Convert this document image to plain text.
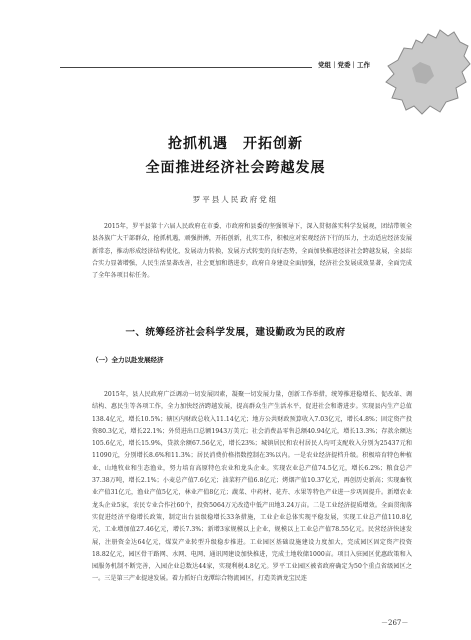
党组｜党委｜工作
抢抓机遇　开拓创新
全面推进经济社会跨越发展
罗平县人民政府党组

2015年，罗平县第十六届人民政府在市委、市政府和县委的坚强领导下，深入贯彻落实科学发展观，团结带领全县各族广大干部群众，抢抓机遇，顽强拼搏，开拓创新，扎实工作，积极应对宏观经济下行的压力，主动适应经济发展新常态，推动形成经济结构优化，发展动力转换，发展方式转变的良好态势，全面加快推进经济社会跨越发展，全县综合实力显著增强，人民生活显著改善，社会更加和谐进步，政府自身建设全面加强，经济社会发展成效显著，全面完成了全年各项目标任务。

一、统筹经济社会科学发展，建设勤政为民的政府
（一）全力以赴发展经济

2015年，县人民政府广泛调动一切发展因素，凝聚一切发展力量，创新工作举措，统筹推进稳增长、促改革、调结构、惠民生等各项工作，全力加快经济跨越发展，提高群众生产生活水平，促进社会和谐进步。实现县内生产总值138.4亿元，增长10.5%；辖区内财政总收入11.14亿元；地方公共财政预算收入7.03亿元，增长4.8%；固定资产投资80.3亿元，增长22.1%；外贸进出口总额1943万美元；社会消费品零售总额40.94亿元，增长13.3%；存款余额达105.6亿元，增长15.9%，贷款余额67.56亿元，增长23%；城镇居民和农村居民人均可支配收入分别为25437元和11090元，分别增长8.6%和11.3%；居民消费价格指数控制在3%以内。一是农业经济提档升级。积极培育特色种植业、山地牧业和生态渔业，努力培育高原特色农业和龙头企业。实现农业总产值74.5亿元，增长6.2%；粮食总产37.38万吨，增长2.1%；小麦总产值7.6亿元；油菜籽产值6.8亿元；烤烟产值10.37亿元，再创历史新高；实现畜牧业产值31亿元，渔业产值5亿元，林业产值8亿元；蔬菜、中药材、花卉、水果等特色产业进一步巩固提升。新增农业龙头企业5家，农民专业合作社60个，投资5064万元改造中低产田地3.24万亩。二是工业经济提质增效。全面贯彻落实促进经济平稳增长政策，制定出台县级稳增长33条措施，工业企业总体实现平稳发展，实现工业总产值110.8亿元，工业增加值27.46亿元，增长7.3%；新增3家规模以上企业，规模以上工业总产值78.55亿元。民营经济快速发展，注册资金达64亿元，煤炭产业转型升级稳步推进。工业园区基础设施建设力度加大，完成园区固定资产投资18.82亿元，园区骨干路网、水网、电网、通讯网建设加快推进，完成土地收储1000亩。项目入驻园区优惠政策和入园服务机制不断完善，入园企业总数达44家，实现利税4.8亿元。罗平工业园区被省政府确定为50个重点省级园区之一。三是第三产业提速发展。着力抓好白龙潭综合物流园区，打造美酒龙宝民连

－267－
